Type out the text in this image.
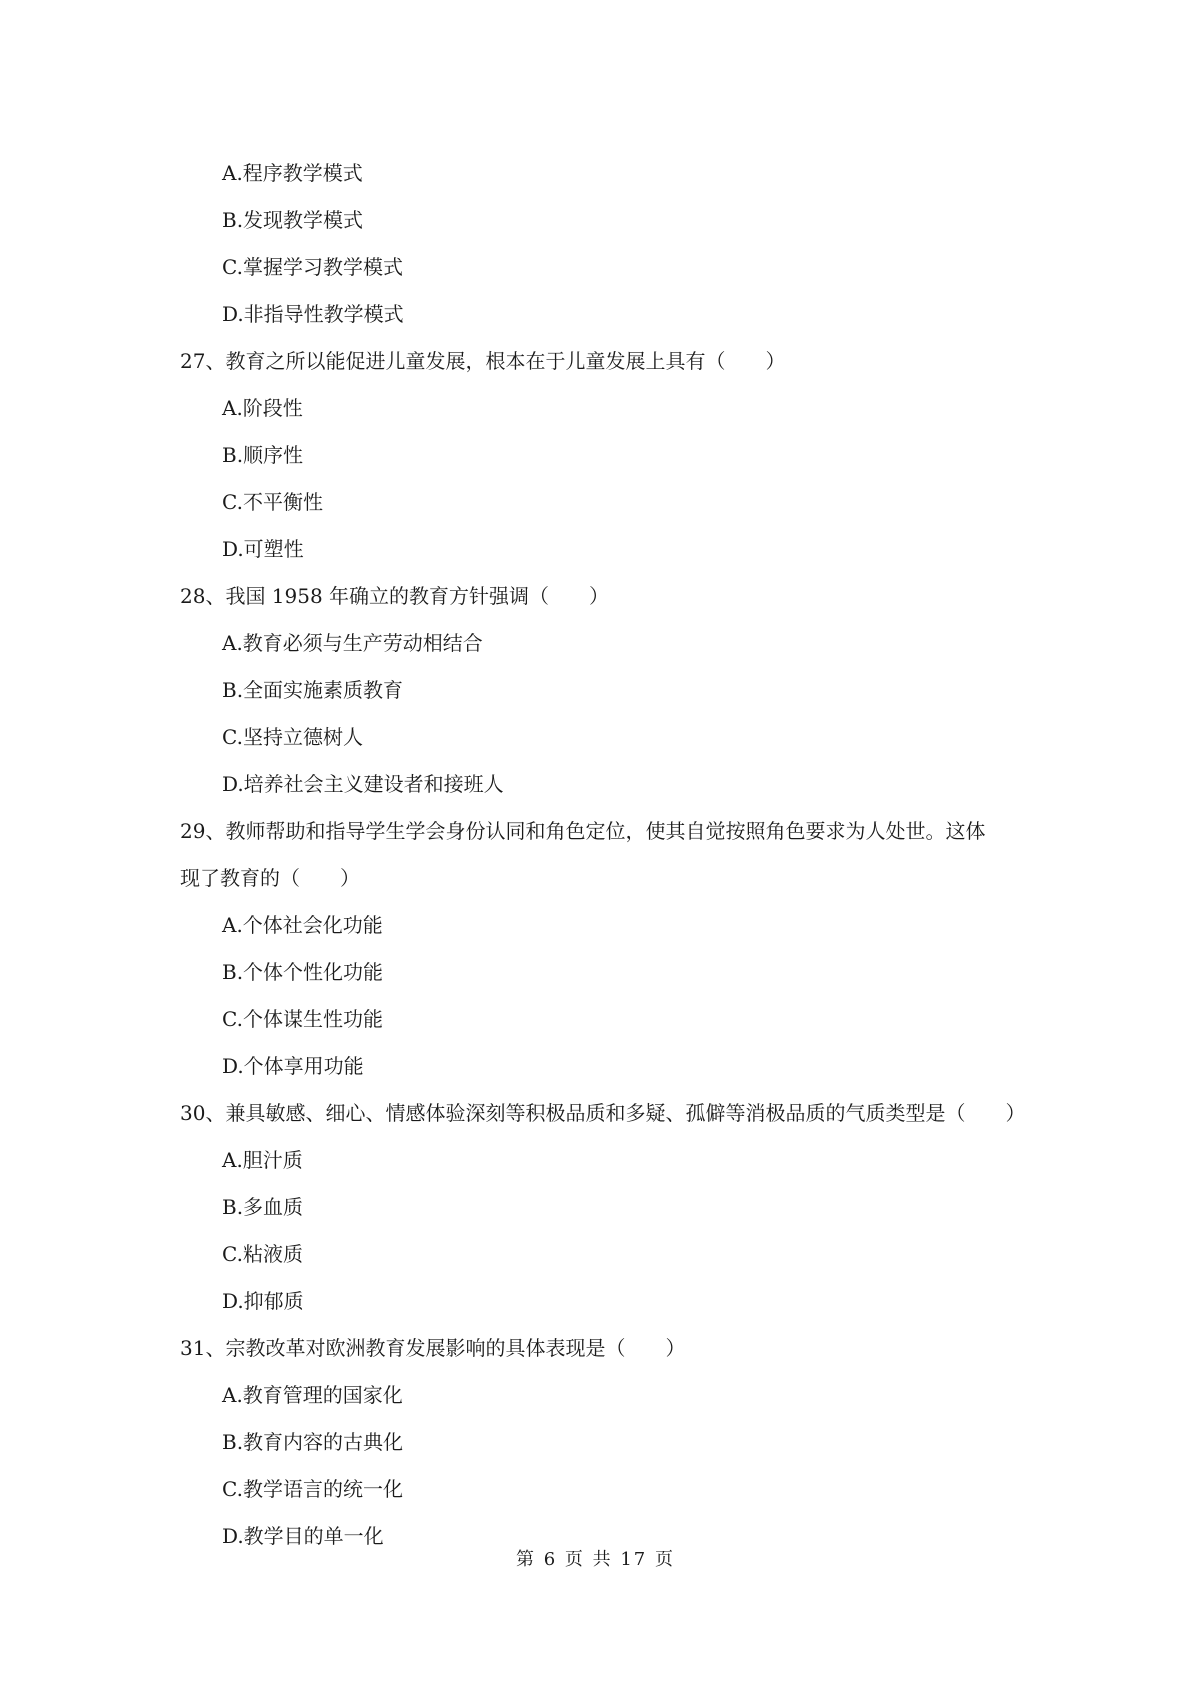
A.程序教学模式
B.发现教学模式
C.掌握学习教学模式
D.非指导性教学模式
27、教育之所以能促进儿童发展，根本在于儿童发展上具有（　　）
A.阶段性
B.顺序性
C.不平衡性
D.可塑性
28、我国 1958 年确立的教育方针强调（　　）
A.教育必须与生产劳动相结合
B.全面实施素质教育
C.坚持立德树人
D.培养社会主义建设者和接班人
29、教师帮助和指导学生学会身份认同和角色定位，使其自觉按照角色要求为人处世。这体
现了教育的（　　）
A.个体社会化功能
B.个体个性化功能
C.个体谋生性功能
D.个体享用功能
30、兼具敏感、细心、情感体验深刻等积极品质和多疑、孤僻等消极品质的气质类型是（　　）
A.胆汁质
B.多血质
C.粘液质
D.抑郁质
31、宗教改革对欧洲教育发展影响的具体表现是（　　）
A.教育管理的国家化
B.教育内容的古典化
C.教学语言的统一化
D.教学目的单一化
第 6 页 共 17 页
